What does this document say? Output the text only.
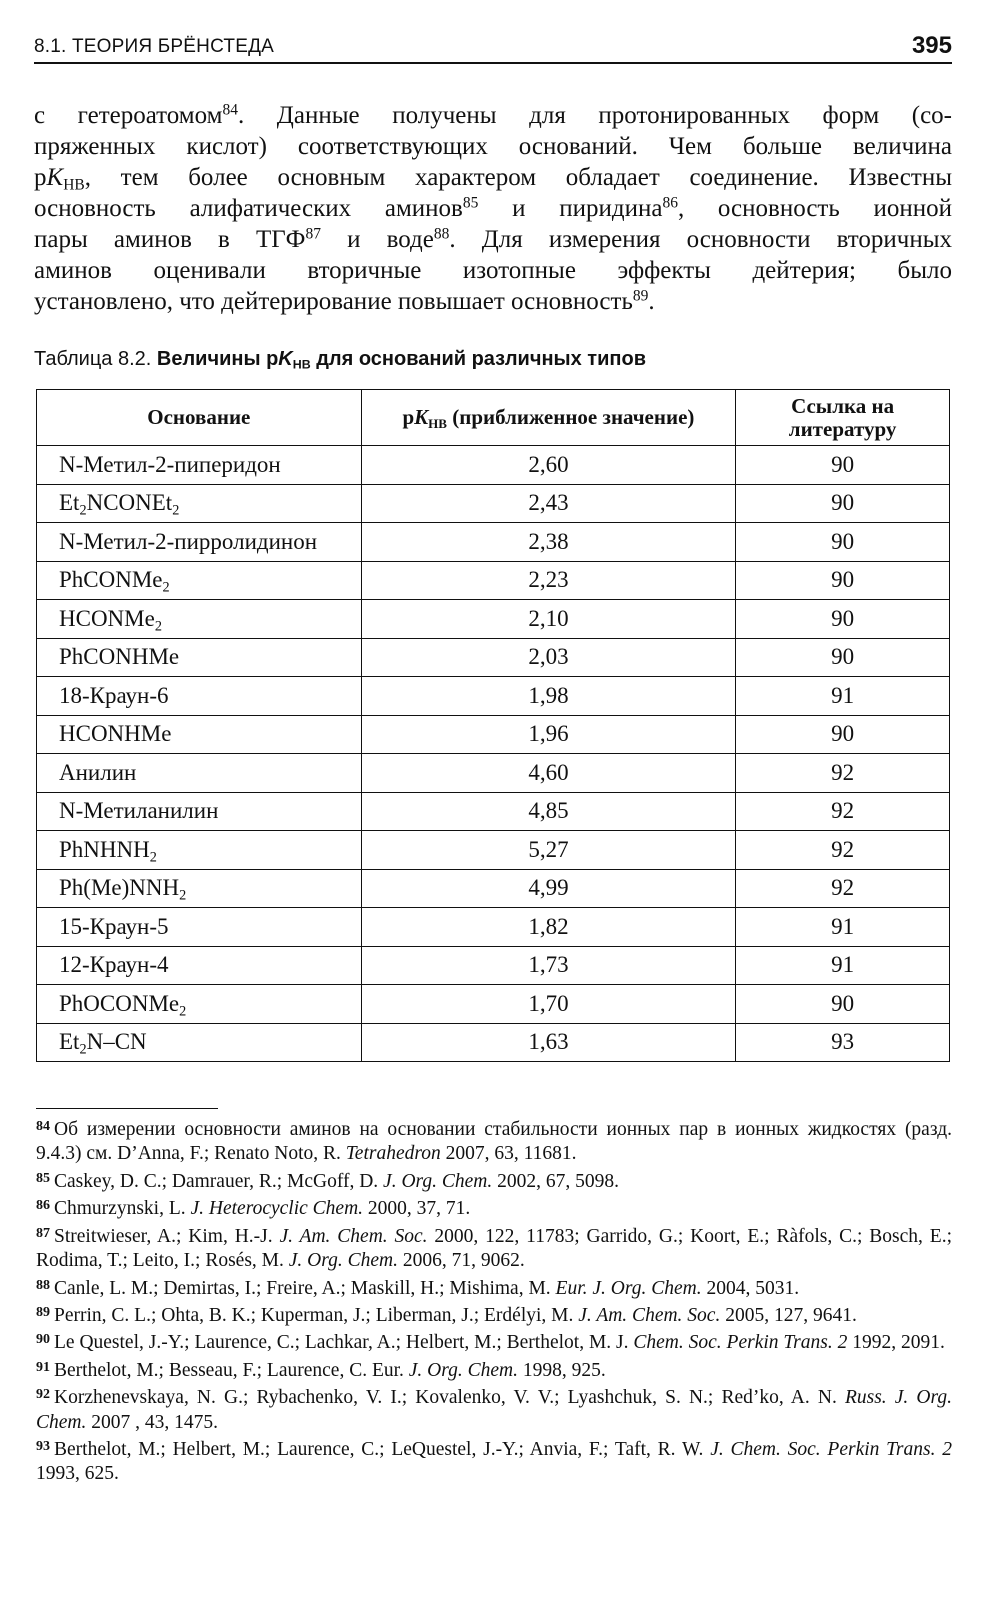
8.1. ТЕОРИЯ БРЁНСТЕДА	395
с гетероатомом$^{84}$. Данные получены для протонированных форм (со-
пряженных кислот) соответствующих оснований. Чем больше величина
$pK_{HB}$, тем более основным характером обладает соединение. Известны
основность алифатических аминов$^{85}$ и пиридина$^{86}$, основность ионной
пары аминов в ТГФ$^{87}$ и воде$^{88}$. Для измерения основности вторичных
аминов оценивали вторичные изотопные эффекты дейтерия; было
установлено, что дейтерирование повышает основность$^{89}$.
Таблица 8.2. Величины $pK_{HB}$ для оснований различных типов
Основание	$pK_{HB}$ (приближенное значение)	Ссылка на
литературу
N-Метил-2-пиперидон	2,60	90
$Et_2NCONEt_2$	2,43	90
N-Метил-2-пирролидинон	2,38	90
PhCONMe$_2$	2,23	90
HCONMe$_2$	2,10	90
PhCONHMe	2,03	90
18-Краун-6	1,98	91
HCONHMe	1,96	90
Анилин	4,60	92
N-Метиланилин	4,85	92
PhNHNH$_2$	5,27	92
$Ph(Me)NNH_2$	4,99	92
15-Краун-5	1,82	91
12-Краун-4	1,73	91
PhOCONMe$_2$	1,70	90
$Et_2N-CN$	1,63	93

$^{84}$ Об измерении основности аминов на основании стабильности ионных пар в ионных жидкостях (разд. 9.4.3) см. D’Anna, F.; Renato Noto, R. Tetrahedron 2007, 63, 11681.

$^{85}$ Caskey, D. C.; Damrauer, R.; McGoff, D. J. Org. Chem. 2002, 67, 5098.

$^{86}$ Chmurzynski, L. J. Heterocyclic Chem. 2000, 37, 71.

$^{87}$ Streitwieser, A.; Kim, H.-J. J. Am. Chem. Soc. 2000, 122, 11783; Garrido, G.; Koort, E.; Ràfols, C.; Bosch, E.; Rodima, T.; Leito, I.; Rosés, M. J. Org. Chem. 2006, 71, 9062.

$^{88}$ Canle, L. M.; Demirtas, I.; Freire, A.; Maskill, H.; Mishima, M. Eur. J. Org. Chem. 2004, 5031.

$^{89}$ Perrin, C. L.; Ohta, B. K.; Kuperman, J.; Liberman, J.; Erdélyi, M. J. Am. Chem. Soc. 2005, 127, 9641.

$^{90}$ Le Questel, J.-Y.; Laurence, C.; Lachkar, A.; Helbert, M.; Berthelot, M. J. Chem. Soc. Perkin Trans. 2 1992, 2091.

$^{91}$ Berthelot, M.; Besseau, F.; Laurence, C. Eur. J. Org. Chem. 1998, 925.

$^{92}$ Korzhenevskaya, N. G.; Rybachenko, V. I.; Kovalenko, V. V.; Lyashchuk, S. N.; Red’ko, A. N. Russ. J. Org. Chem. 2007 , 43, 1475.

$^{93}$ Berthelot, M.; Helbert, M.; Laurence, C.; LeQuestel, J.-Y.; Anvia, F.; Taft, R. W. J. Chem. Soc. Perkin Trans. 2 1993, 625.
